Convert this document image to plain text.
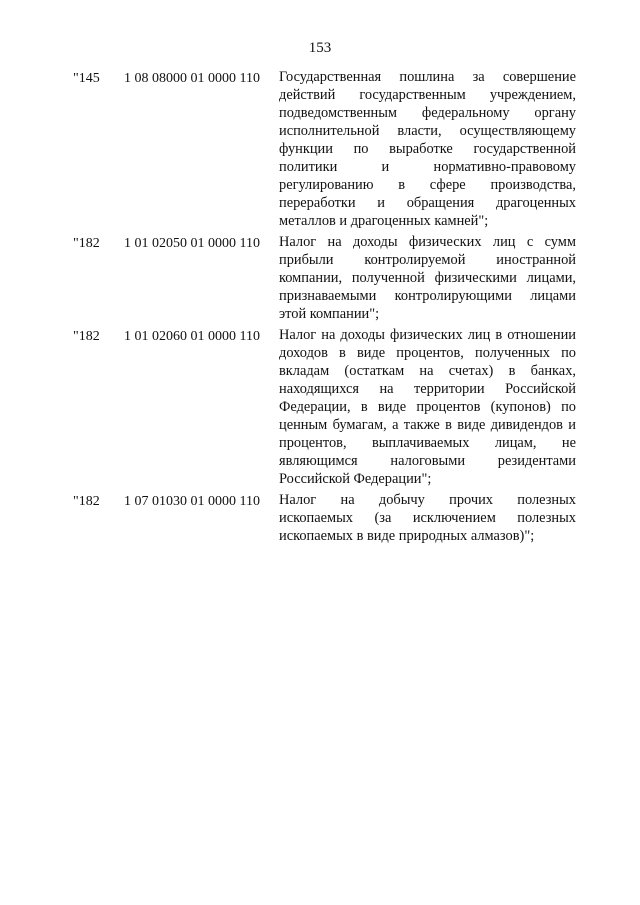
153
"145 1 08 08000 01 0000 110 Государственная пошлина за совершение
действий государственным учреждением,
подведомственным федеральному органу
исполнительной власти, осуществляющему
функции по выработке государственной
политики и нормативно-правовому
регулированию в сфере производства,
переработки и обращения драгоценных
металлов и драгоценных камней";
"182 1 01 02050 01 0000 110 Налог на доходы физических лиц с сумм
прибыли контролируемой иностранной
компании, полученной физическими лицами,
признаваемыми контролирующими лицами
этой компании";
"182 1 01 02060 01 0000 110 Налог на доходы физических лиц в отношении
доходов в виде процентов, полученных по
вкладам (остаткам на счетах) в банках,
находящихся на территории Российской
Федерации, в виде процентов (купонов) по
ценным бумагам, а также в виде дивидендов и
процентов, выплачиваемых лицам, не
являющимся налоговыми резидентами
Российской Федерации";
"182 1 07 01030 01 0000 110 Налог на добычу прочих полезных
ископаемых (за исключением полезных
ископаемых в виде природных алмазов)";
